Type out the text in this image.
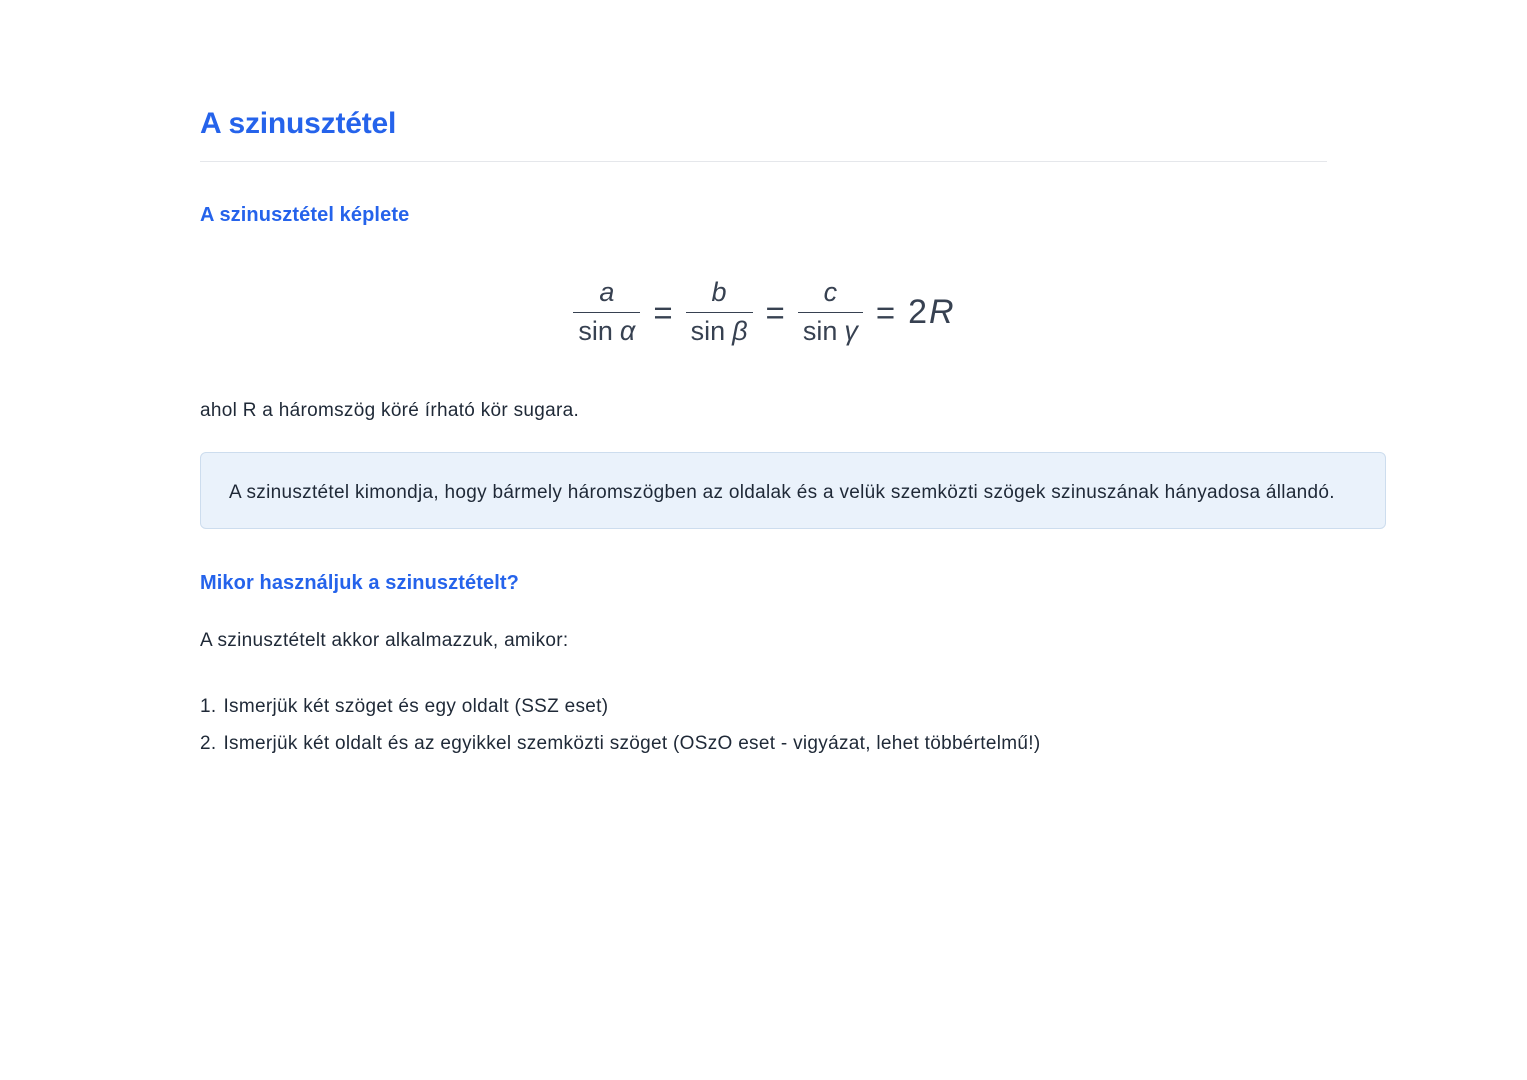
A szinusztétel
A szinusztétel képlete
$\frac{a}{\text{sin α}} = \frac{b}{\text{sin β}} = \frac{c}{\text{sin γ}} = 2R$

ahol R a háromszög köré írható kör sugara.

A szinusztétel kimondja, hogy bármely háromszögben az oldalak és a velük szemközti szögek szinuszának hányadosa állandó.

Mikor használjuk a szinusztételt?

A szinusztételt akkor alkalmazzuk, amikor:

1. Ismerjük két szöget és egy oldalt (SSZ eset)
2. Ismerjük két oldalt és az egyikkel szemközti szöget (OSzO eset - vigyázat, lehet többértelmű!)
